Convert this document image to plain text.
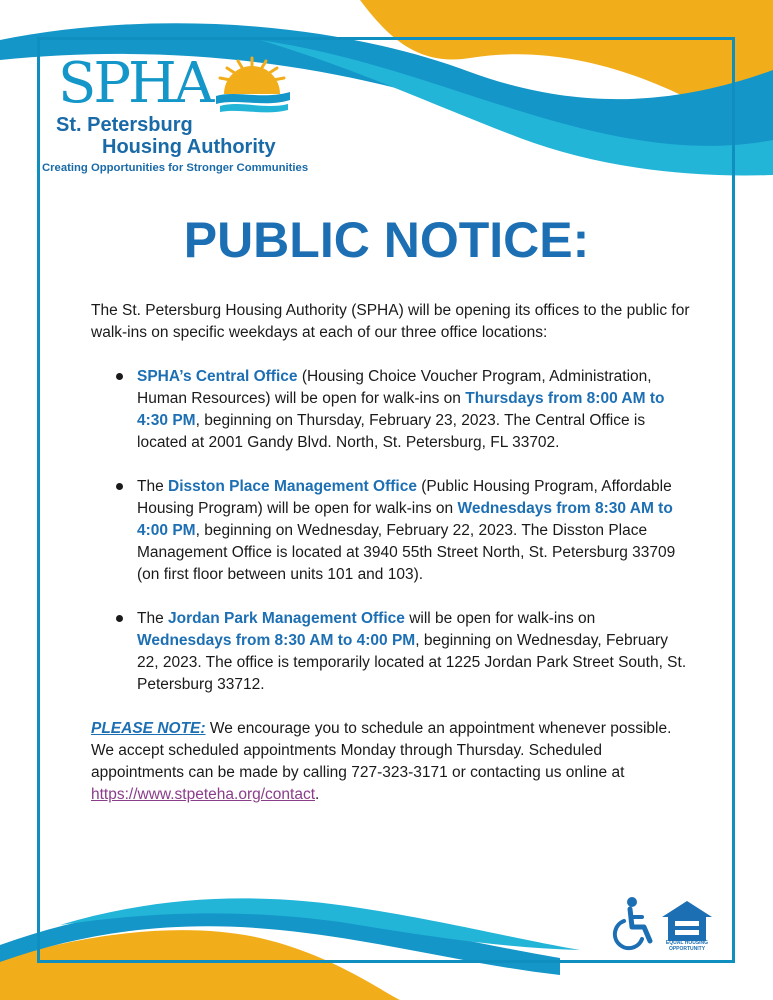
SPHA
St. Petersburg
Housing Authority
Creating Opportunities for Stronger Communities
PUBLIC NOTICE:

The St. Petersburg Housing Authority (SPHA) will be opening its offices to the public for walk-ins on specific weekdays at each of our three office locations:

SPHA’s Central Office (Housing Choice Voucher Program, Administration, Human Resources) will be open for walk-ins on Thursdays from 8:00 AM to 4:30 PM, beginning on Thursday, February 23, 2023. The Central Office is located at 2001 Gandy Blvd. North, St. Petersburg, FL 33702.
The Disston Place Management Office (Public Housing Program, Affordable Housing Program) will be open for walk-ins on Wednesdays from 8:30 AM to 4:00 PM, beginning on Wednesday, February 22, 2023. The Disston Place Management Office is located at 3940 55th Street North, St. Petersburg 33709 (on first floor between units 101 and 103).
The Jordan Park Management Office will be open for walk-ins on Wednesdays from 8:30 AM to 4:00 PM, beginning on Wednesday, February 22, 2023. The office is temporarily located at 1225 Jordan Park Street South, St. Petersburg 33712.

PLEASE NOTE: We encourage you to schedule an appointment whenever possible. We accept scheduled appointments Monday through Thursday. Scheduled appointments can be made by calling 727-323-3171 or contacting us online at https://www.stpeteha.org/contact.

EQUAL HOUSING OPPORTUNITY
